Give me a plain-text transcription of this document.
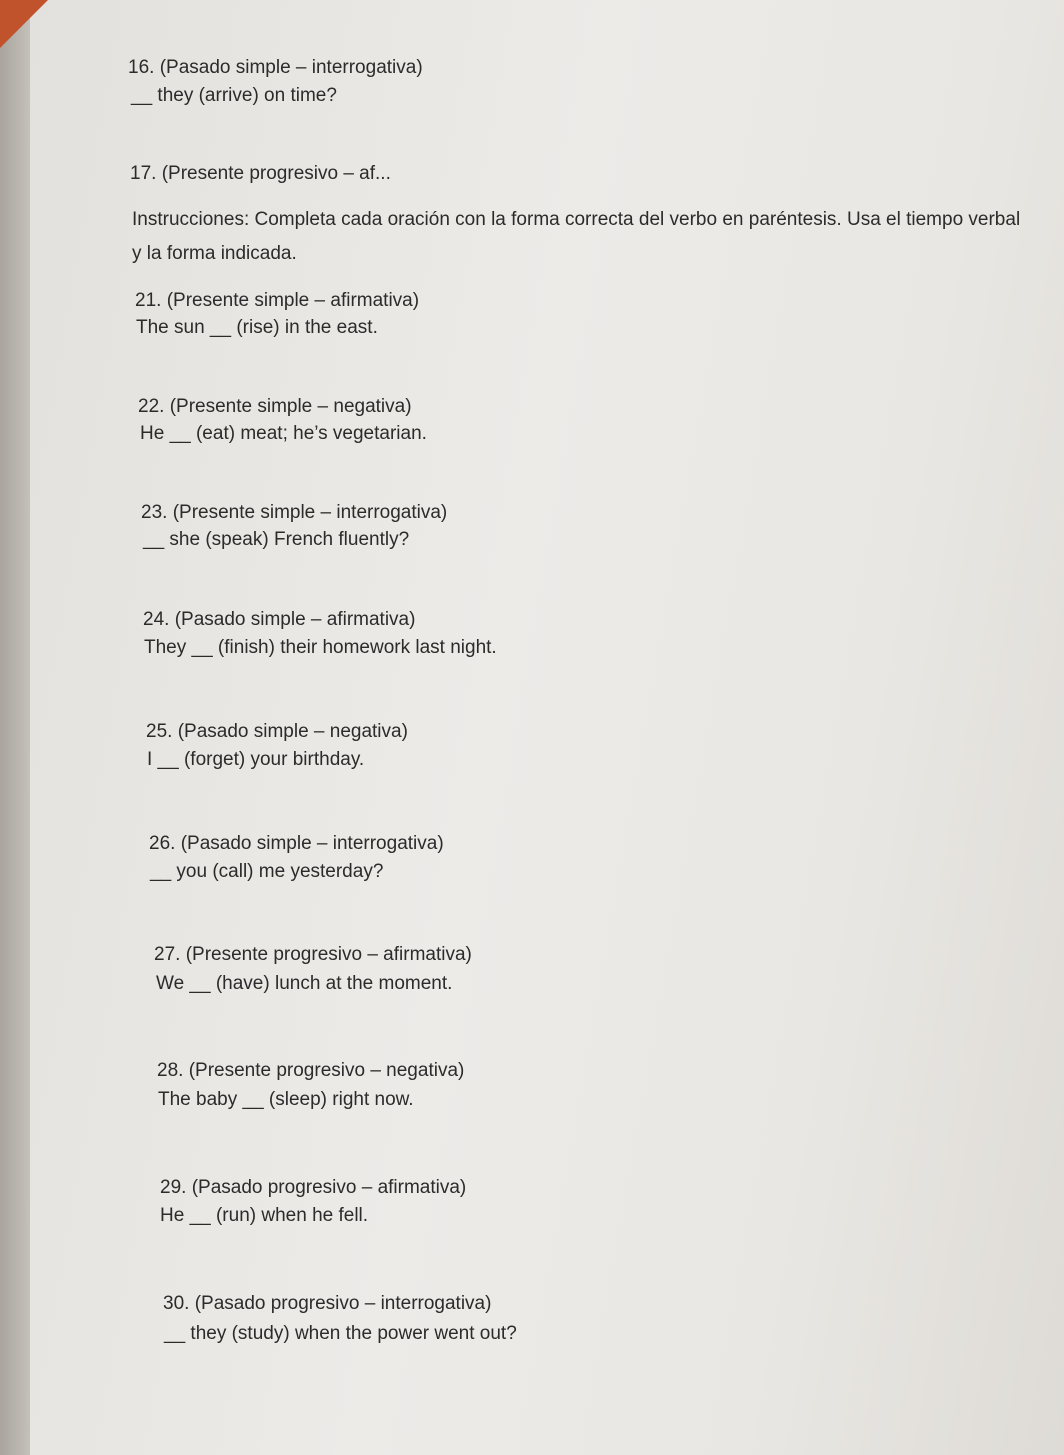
16. (Pasado simple – interrogativa)
__ they (arrive) on time?
17. (Presente progresivo – af...
Instrucciones: Completa cada oración con la forma correcta del verbo en paréntesis. Usa el tiempo verbal y la forma indicada.
21. (Presente simple – afirmativa)
The sun __ (rise) in the east.
22. (Presente simple – negativa)
He __ (eat) meat; he’s vegetarian.
23. (Presente simple – interrogativa)
__ she (speak) French fluently?
24. (Pasado simple – afirmativa)
They __ (finish) their homework last night.
25. (Pasado simple – negativa)
I __ (forget) your birthday.
26. (Pasado simple – interrogativa)
__ you (call) me yesterday?
27. (Presente progresivo – afirmativa)
We __ (have) lunch at the moment.
28. (Presente progresivo – negativa)
The baby __ (sleep) right now.
29. (Pasado progresivo – afirmativa)
He __ (run) when he fell.
30. (Pasado progresivo – interrogativa)
__ they (study) when the power went out?
